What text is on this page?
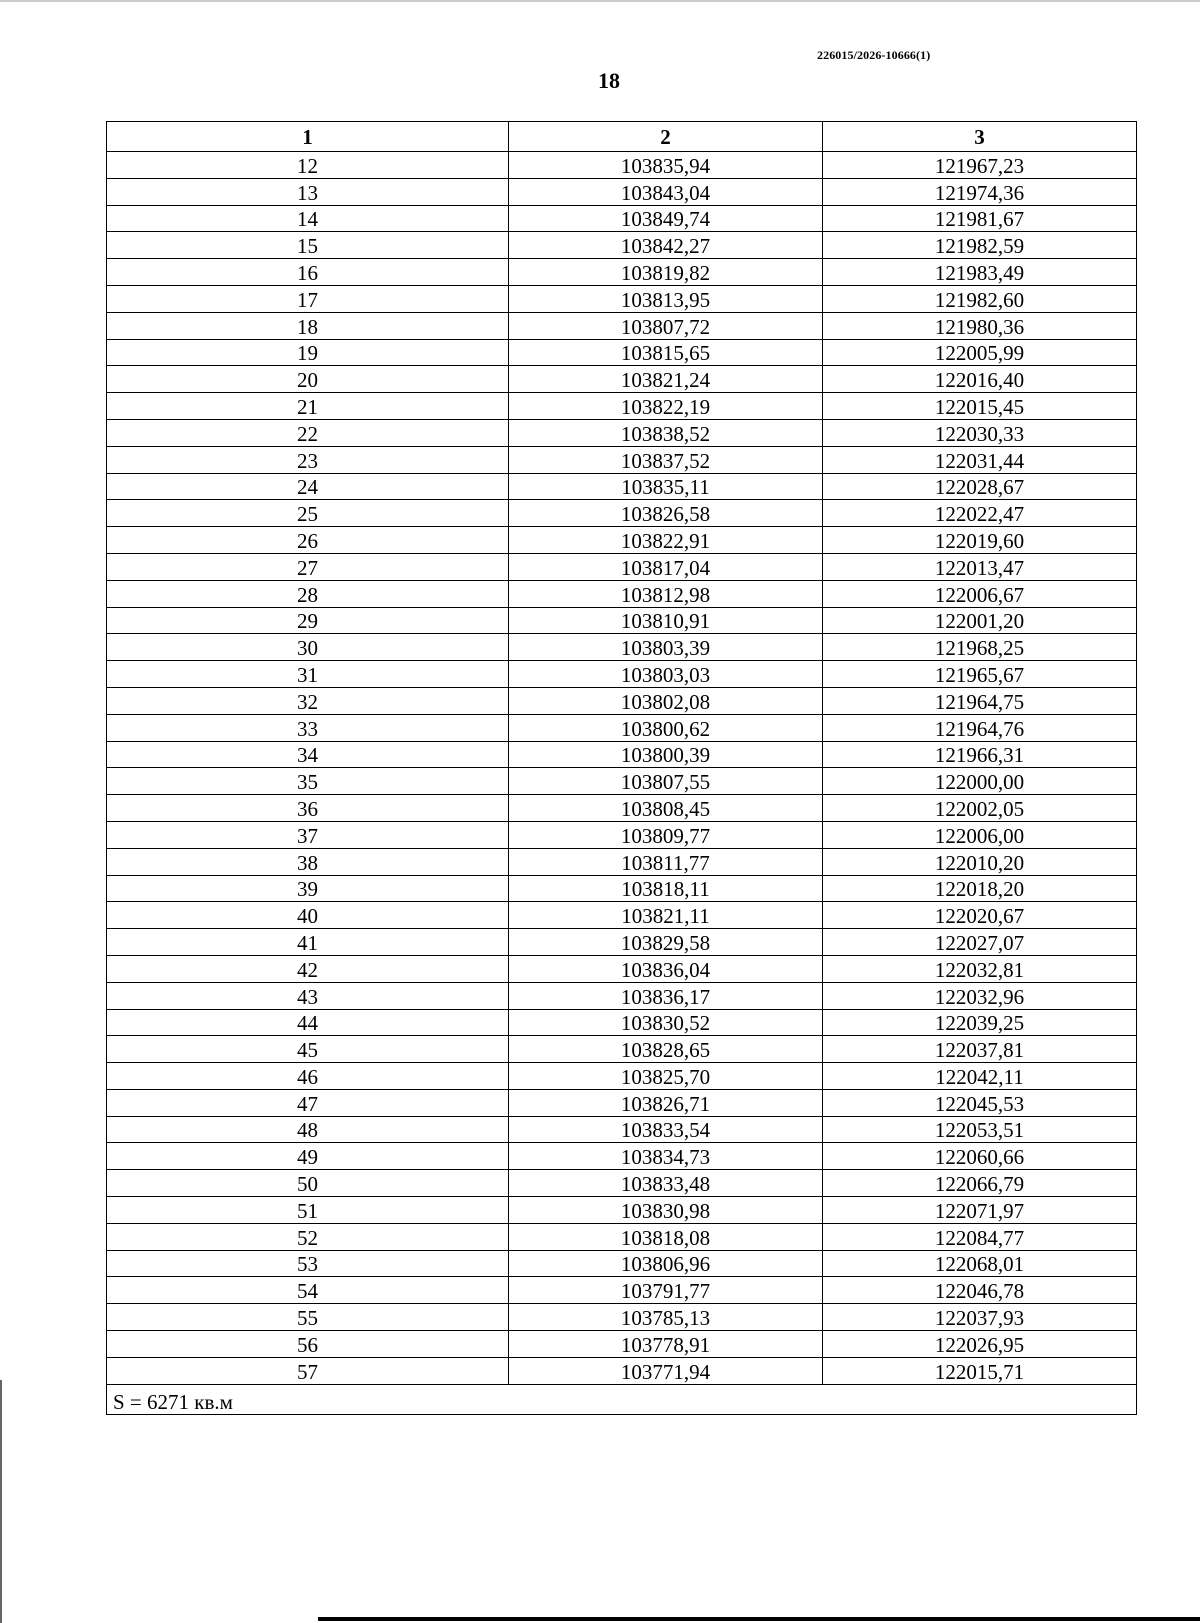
226015/2026-10666(1)
18
1	2	3
12	103835,94	121967,23
13	103843,04	121974,36
14	103849,74	121981,67
15	103842,27	121982,59
16	103819,82	121983,49
17	103813,95	121982,60
18	103807,72	121980,36
19	103815,65	122005,99
20	103821,24	122016,40
21	103822,19	122015,45
22	103838,52	122030,33
23	103837,52	122031,44
24	103835,11	122028,67
25	103826,58	122022,47
26	103822,91	122019,60
27	103817,04	122013,47
28	103812,98	122006,67
29	103810,91	122001,20
30	103803,39	121968,25
31	103803,03	121965,67
32	103802,08	121964,75
33	103800,62	121964,76
34	103800,39	121966,31
35	103807,55	122000,00
36	103808,45	122002,05
37	103809,77	122006,00
38	103811,77	122010,20
39	103818,11	122018,20
40	103821,11	122020,67
41	103829,58	122027,07
42	103836,04	122032,81
43	103836,17	122032,96
44	103830,52	122039,25
45	103828,65	122037,81
46	103825,70	122042,11
47	103826,71	122045,53
48	103833,54	122053,51
49	103834,73	122060,66
50	103833,48	122066,79
51	103830,98	122071,97
52	103818,08	122084,77
53	103806,96	122068,01
54	103791,77	122046,78
55	103785,13	122037,93
56	103778,91	122026,95
57	103771,94	122015,71
S = 6271 кв.м		
